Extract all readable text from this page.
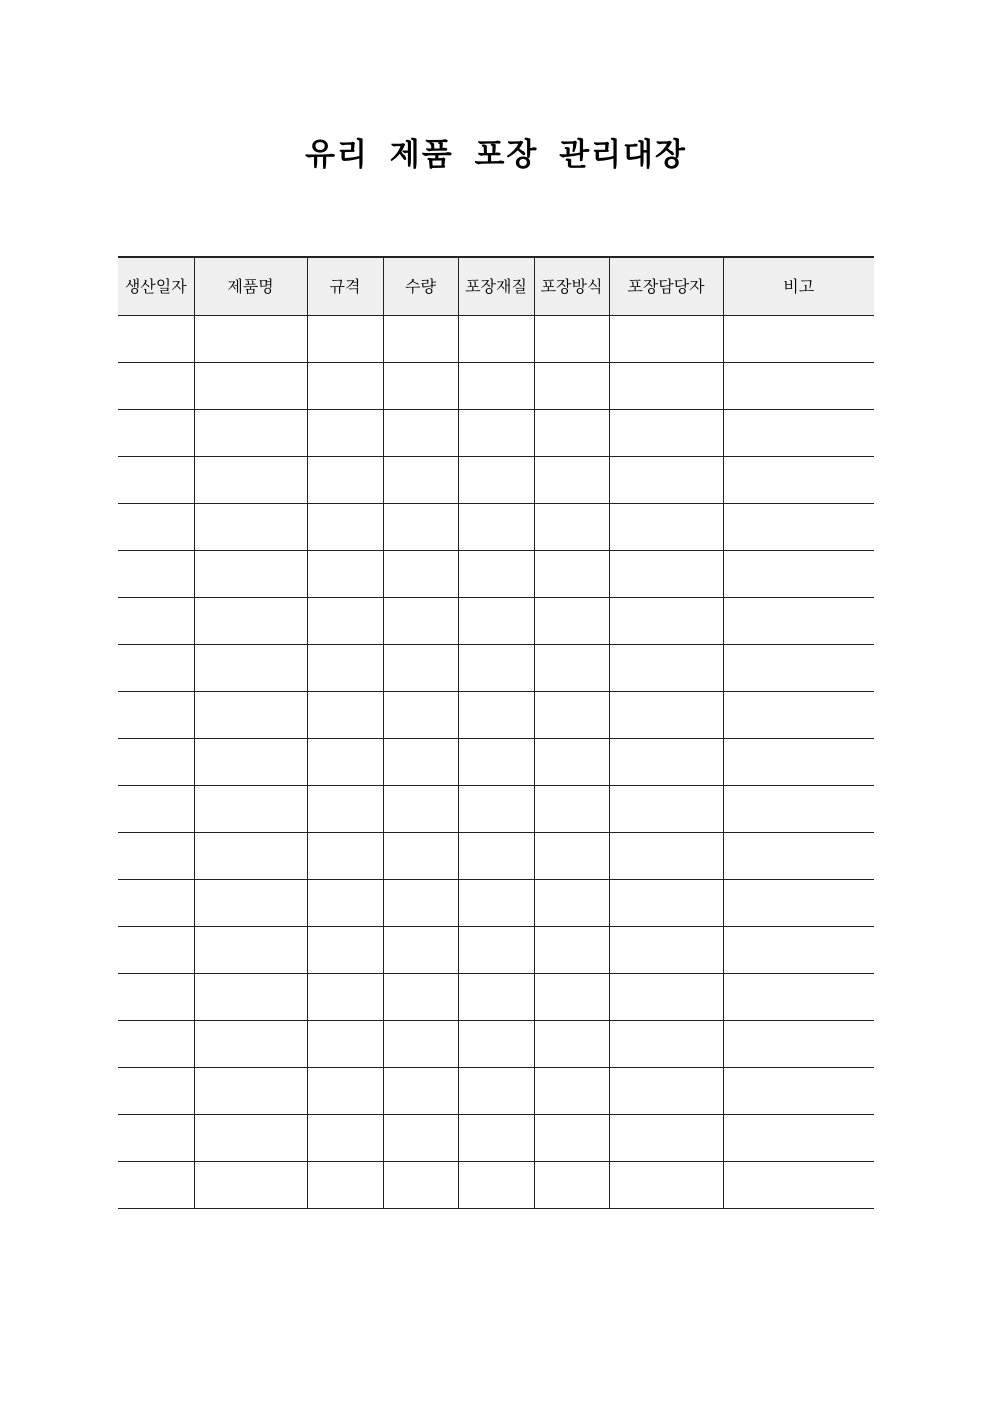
유리 제품 포장 관리대장
생산일자	제품명	규격	수량	포장재질	포장방식	포장담당자	비고
